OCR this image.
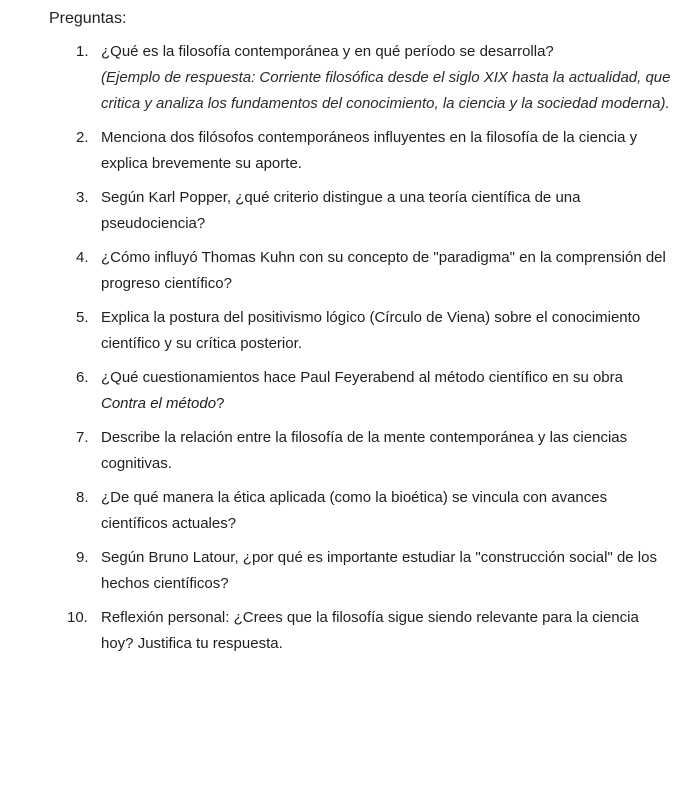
Preguntas:
1. ¿Qué es la filosofía contemporánea y en qué período se desarrolla?
(Ejemplo de respuesta: Corriente filosófica desde el siglo XIX hasta la actualidad, que critica y analiza los fundamentos del conocimiento, la ciencia y la sociedad moderna).
2. Menciona dos filósofos contemporáneos influyentes en la filosofía de la ciencia y explica brevemente su aporte.
3. Según Karl Popper, ¿qué criterio distingue a una teoría científica de una pseudociencia?
4. ¿Cómo influyó Thomas Kuhn con su concepto de "paradigma" en la comprensión del progreso científico?
5. Explica la postura del positivismo lógico (Círculo de Viena) sobre el conocimiento científico y su crítica posterior.
6. ¿Qué cuestionamientos hace Paul Feyerabend al método científico en su obra Contra el método?
7. Describe la relación entre la filosofía de la mente contemporánea y las ciencias cognitivas.
8. ¿De qué manera la ética aplicada (como la bioética) se vincula con avances científicos actuales?
9. Según Bruno Latour, ¿por qué es importante estudiar la "construcción social" de los hechos científicos?
10. Reflexión personal: ¿Crees que la filosofía sigue siendo relevante para la ciencia hoy? Justifica tu respuesta.
